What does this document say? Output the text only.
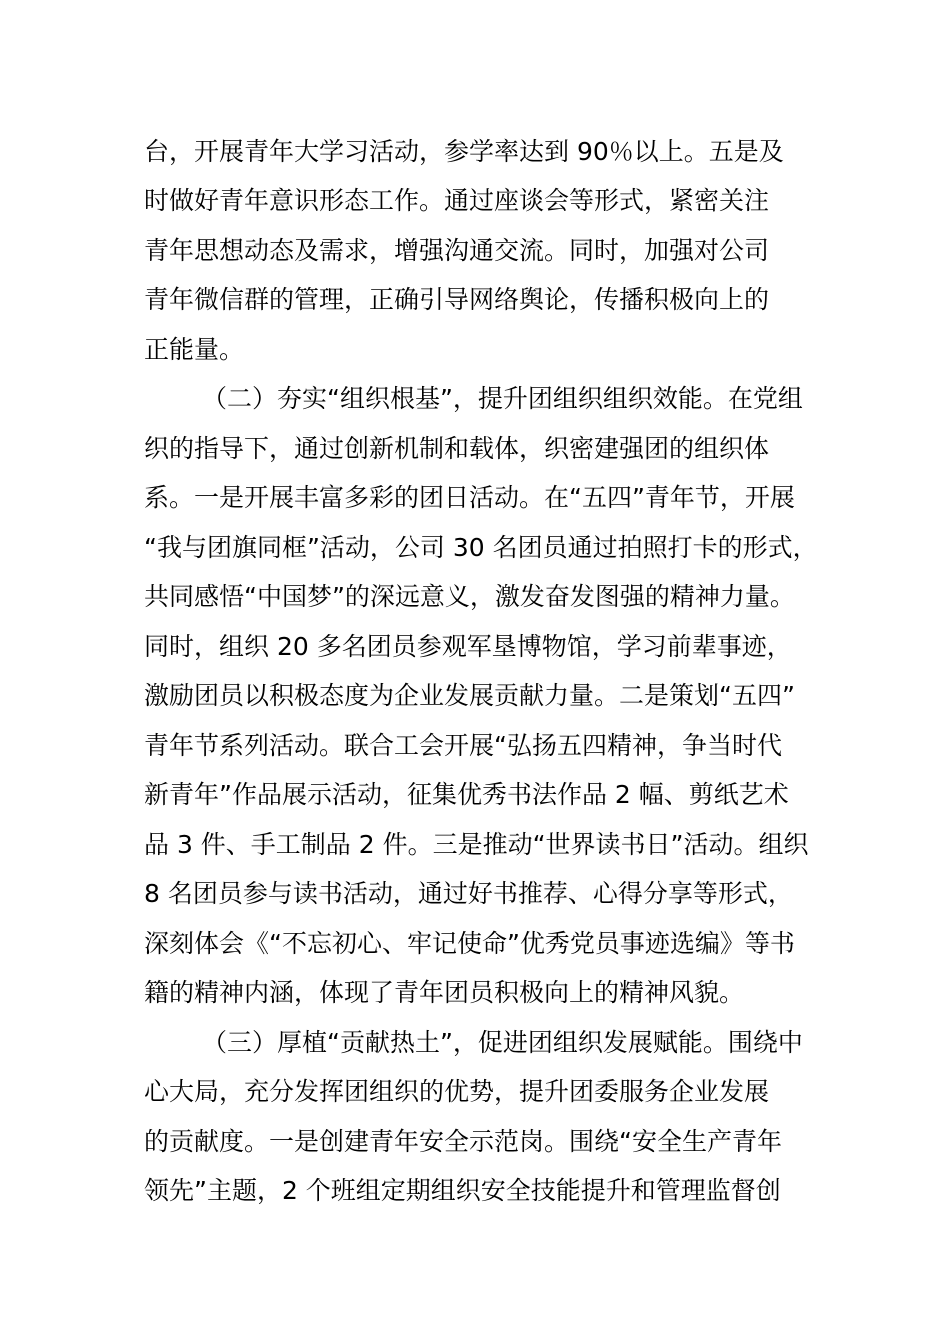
台，开展青年大学习活动，参学率达到 90％以上。五是及
时做好青年意识形态工作。通过座谈会等形式，紧密关注
青年思想动态及需求，增强沟通交流。同时，加强对公司
青年微信群的管理，正确引导网络舆论，传播积极向上的
正能量。
（二）夯实“组织根基”，提升团组织组织效能。在党组
织的指导下，通过创新机制和载体，织密建强团的组织体
系。一是开展丰富多彩的团日活动。在“五四”青年节，开展
“我与团旗同框”活动，公司 30 名团员通过拍照打卡的形式，
共同感悟“中国梦”的深远意义，激发奋发图强的精神力量。
同时，组织 20 多名团员参观军垦博物馆，学习前辈事迹，
激励团员以积极态度为企业发展贡献力量。二是策划“五四”
青年节系列活动。联合工会开展“弘扬五四精神，争当时代
新青年”作品展示活动，征集优秀书法作品 2 幅、剪纸艺术
品 3 件、手工制品 2 件。三是推动“世界读书日”活动。组织
8 名团员参与读书活动，通过好书推荐、心得分享等形式，
深刻体会《“不忘初心、牢记使命”优秀党员事迹选编》等书
籍的精神内涵，体现了青年团员积极向上的精神风貌。
（三）厚植“贡献热土”，促进团组织发展赋能。围绕中
心大局，充分发挥团组织的优势，提升团委服务企业发展
的贡献度。一是创建青年安全示范岗。围绕“安全生产青年
领先”主题，2 个班组定期组织安全技能提升和管理监督创
